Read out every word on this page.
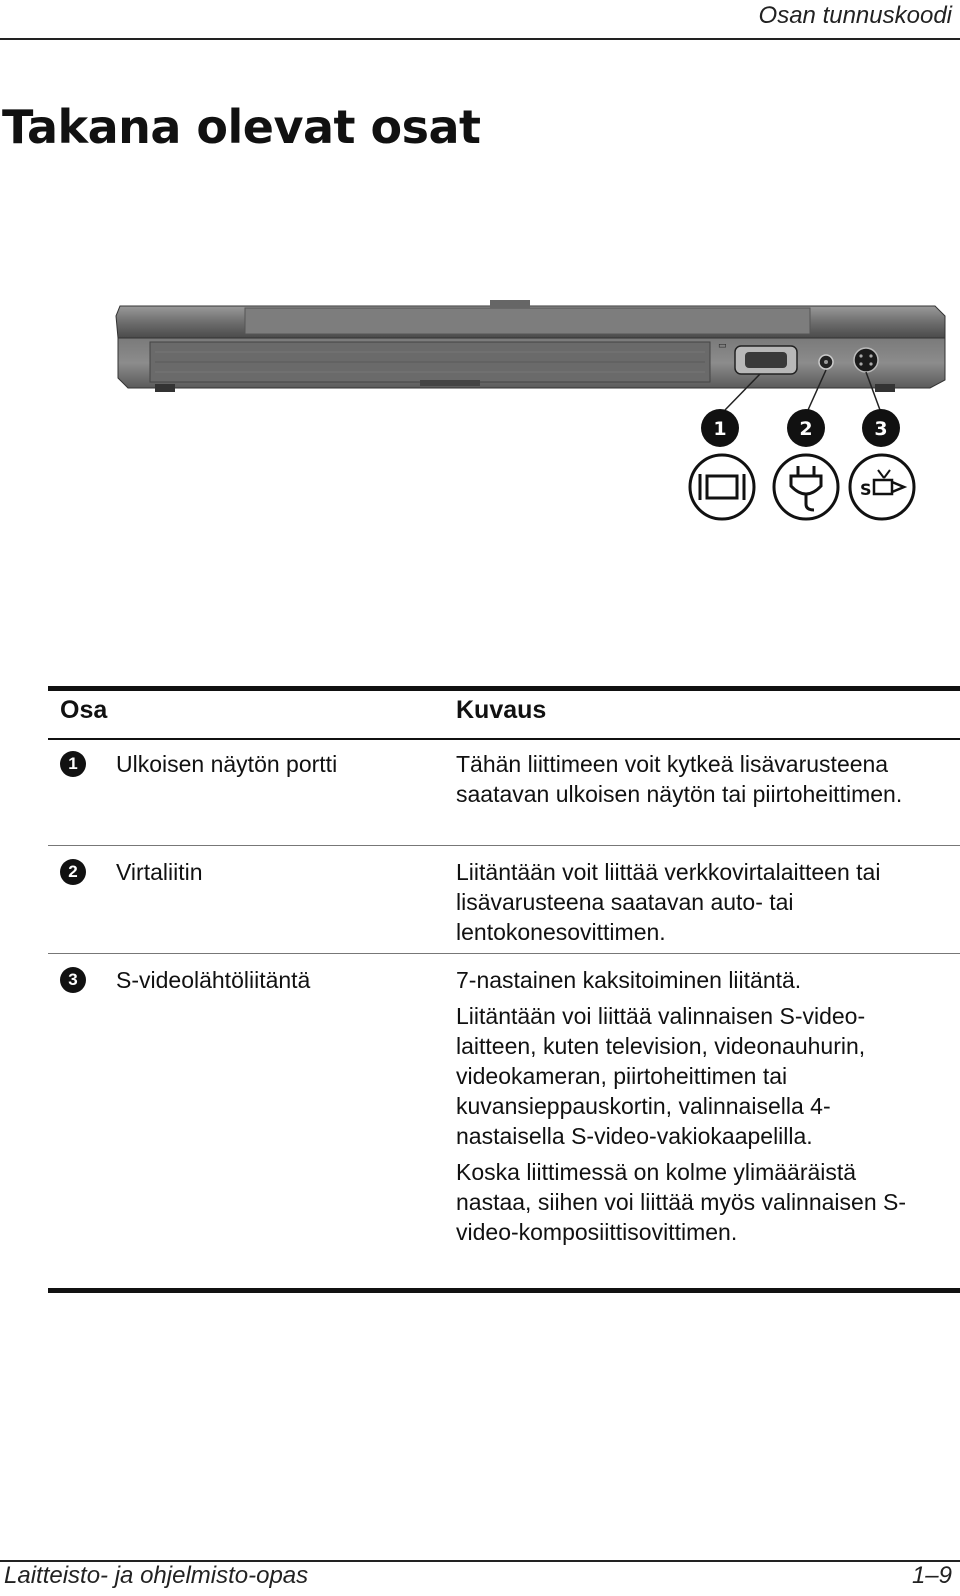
Osan tunnuskoodi
Takana olevat osat
▭
1	2	3
S
Osa	Kuvaus
1	Ulkoisen näytön portti	Tähän liittimeen voit kytkeä lisävarusteena saatavan ulkoisen näytön tai piirtoheittimen.

2	Virtaliitin	Liitäntään voit liittää verkkovirtalaitteen tai lisävarusteena saatavan auto- tai lentokonesovittimen.

3	S-videolähtöliitäntä	7-nastainen kaksitoiminen liitäntä.

Liitäntään voi liittää valinnaisen S-video-laitteen, kuten television, videonauhurin, videokameran, piirtoheittimen tai kuvansieppauskortin, valinnaisella 4-nastaisella S-video-vakiokaapelilla.

Koska liittimessä on kolme ylimääräistä nastaa, siihen voi liittää myös valinnaisen S-video-komposiittisovittimen.

Laitteisto- ja ohjelmisto-opas	1–9
